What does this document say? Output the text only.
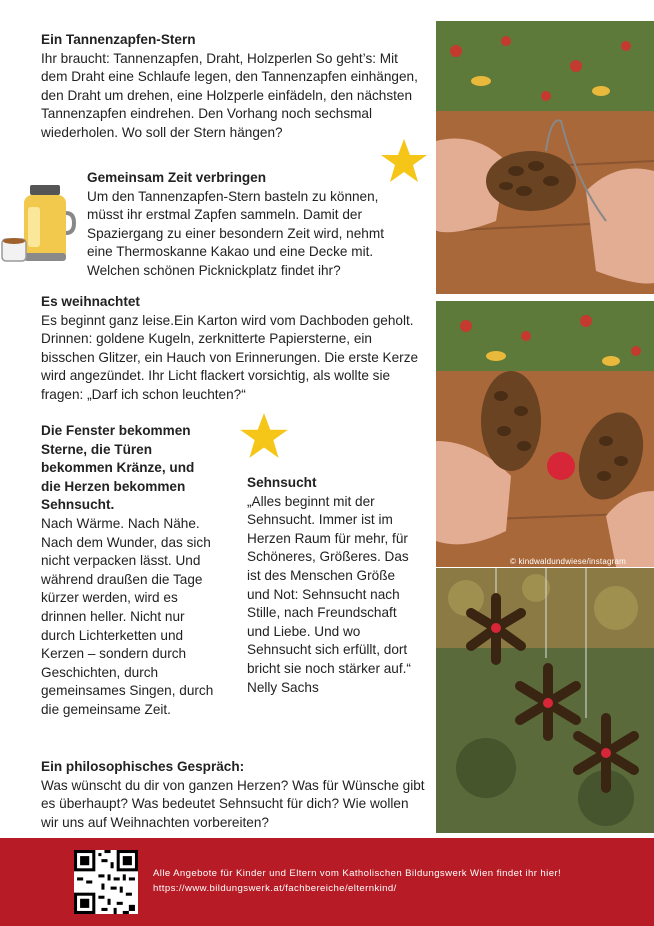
Ein Tannenzapfen-Stern
Ihr braucht: Tannenzapfen, Draht, Holzperlen So geht’s: Mit dem Draht eine Schlaufe legen, den Tannenzapfen einhängen, den Draht um drehen, eine Holzperle einfädeln, den nächsten Tannenzapfen eindrehen. Den Vorhang noch sechsmal wiederholen. Wo soll der Stern hängen?
Gemeinsam Zeit verbringen
Um den Tannenzapfen-Stern basteln zu können, müsst ihr erstmal Zapfen sammeln. Damit der Spaziergang zu einer besondern Zeit wird, nehmt eine Thermoskanne Kakao und eine Decke mit. Welchen schönen Picknickplatz findet ihr?
Es weihnachtet
Es beginnt ganz leise.Ein Karton wird vom Dachboden geholt. Drinnen: goldene Kugeln, zerknitterte Papiersterne, ein bisschen Glitzer, ein Hauch von Erinnerungen. Die erste Kerze wird angezündet. Ihr Licht flackert vorsichtig, als wollte sie fragen: „Darf ich schon leuchten?“
Die Fenster bekommen Sterne, die Türen bekommen Kränze, und die Herzen bekommen Sehnsucht.
Nach Wärme. Nach Nähe. Nach dem Wunder, das sich nicht verpacken lässt. Und während draußen die Tage kürzer werden, wird es drinnen heller. Nicht nur durch Lichterketten und Kerzen – sondern durch Geschichten, durch gemeinsames Singen, durch die gemeinsame Zeit.
Sehnsucht
„Alles beginnt mit der Sehnsucht. Immer ist im Herzen Raum für mehr, für Schöneres, Größeres. Das ist des Menschen Größe und Not: Sehnsucht nach Stille, nach Freundschaft und Liebe. Und wo Sehnsucht sich erfüllt, dort bricht sie noch stärker auf.“
Nelly Sachs
Ein philosophisches Gespräch:
Was wünscht du dir von ganzen Herzen? Was für Wünsche gibt es überhaupt? Was bedeutet Sehnsucht für dich? Wie wollen wir uns auf Weihnachten vorbereiten?
© kindwaldundwiese/instagram
Alle Angebote für Kinder und Eltern vom Katholischen Bildungswerk Wien findet ihr hier!
https://www.bildungswerk.at/fachbereiche/elternkind/
